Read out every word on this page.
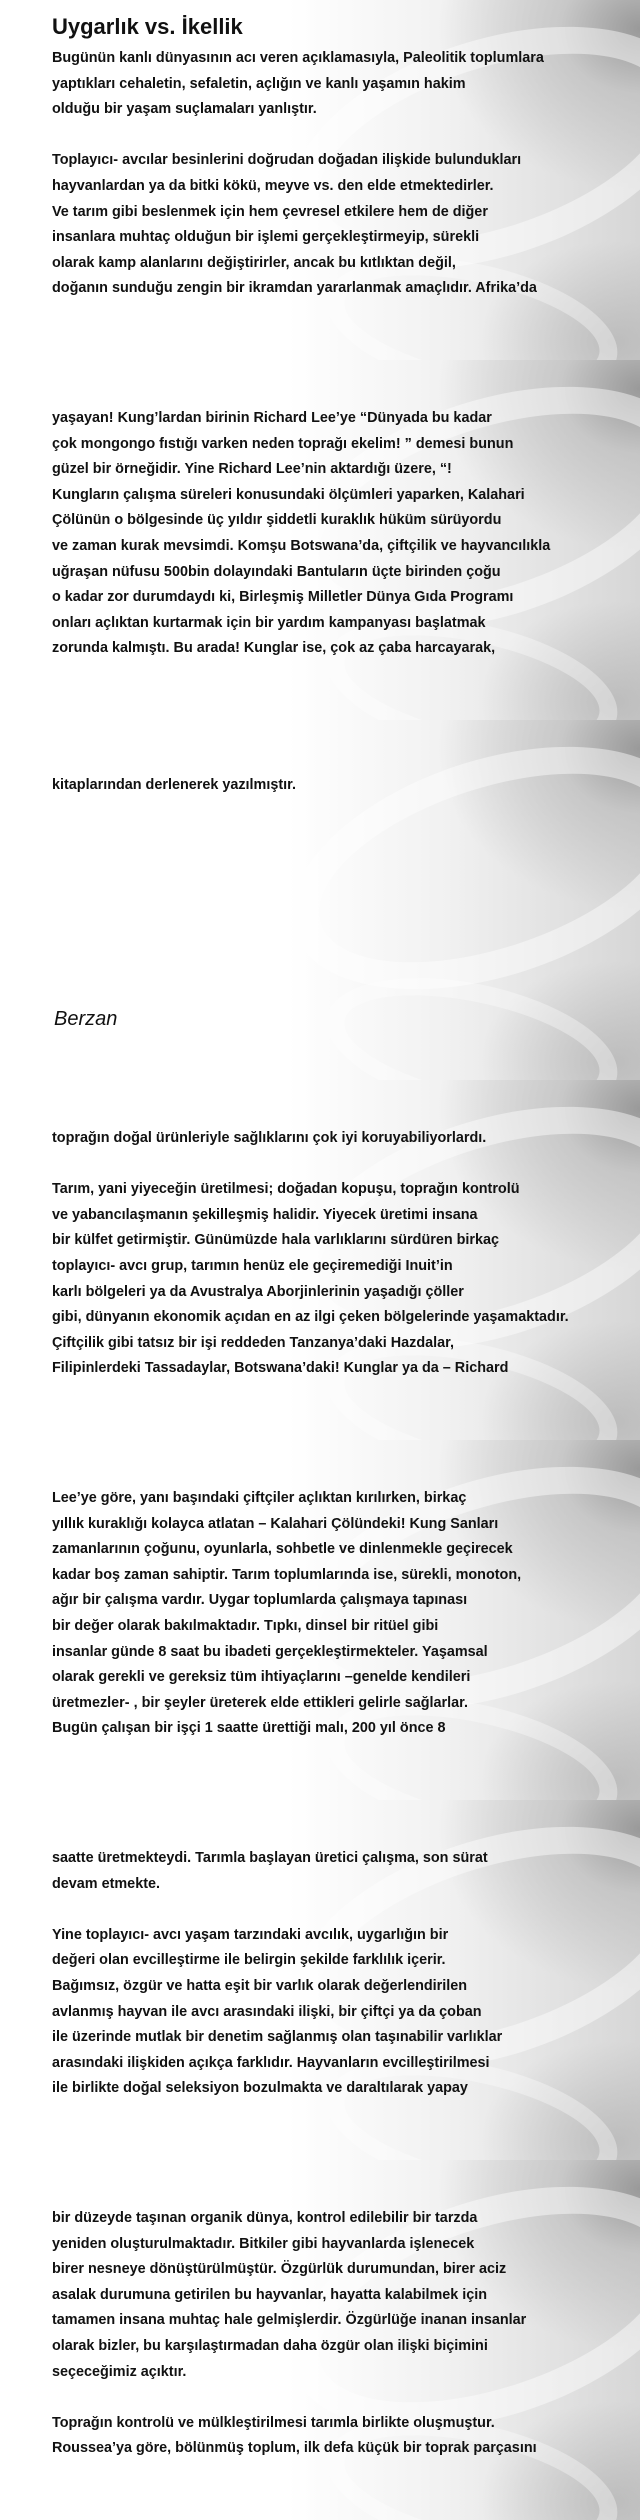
Uygarlık vs. İkellik
Bugünün kanlı dünyasının acı veren açıklamasıyla, Paleolitik toplumlara
yaptıkları cehaletin, sefaletin, açlığın ve kanlı yaşamın hakim
olduğu bir yaşam suçlamaları yanlıştır.
Toplayıcı- avcılar besinlerini doğrudan doğadan ilişkide bulundukları
hayvanlardan ya da bitki kökü, meyve vs. den elde etmektedirler.
Ve tarım gibi beslenmek için hem çevresel etkilere hem de diğer
insanlara muhtaç olduğun bir işlemi gerçekleştirmeyip, sürekli
olarak kamp alanlarını değiştirirler, ancak bu kıtlıktan değil,
doğanın sunduğu zengin bir ikramdan yararlanmak amaçlıdır. Afrika’da
yaşayan! Kung’lardan birinin Richard Lee’ye “Dünyada bu kadar
çok mongongo fıstığı varken neden toprağı ekelim! ” demesi bunun
güzel bir örneğidir. Yine Richard Lee’nin aktardığı üzere, “!
Kungların çalışma süreleri konusundaki ölçümleri yaparken, Kalahari
Çölünün o bölgesinde üç yıldır şiddetli kuraklık hüküm sürüyordu
ve zaman kurak mevsimdi. Komşu Botswana’da, çiftçilik ve hayvancılıkla
uğraşan nüfusu 500bin dolayındaki Bantuların üçte birinden çoğu
o kadar zor durumdaydı ki, Birleşmiş Milletler Dünya Gıda Programı
onları açlıktan kurtarmak için bir yardım kampanyası başlatmak
zorunda kalmıştı. Bu arada! Kunglar ise, çok az çaba harcayarak,
kitaplarından derlenerek yazılmıştır.
Berzan
toprağın doğal ürünleriyle sağlıklarını çok iyi koruyabiliyorlardı.
Tarım, yani yiyeceğin üretilmesi; doğadan kopuşu, toprağın kontrolü
ve yabancılaşmanın şekilleşmiş halidir. Yiyecek üretimi insana
bir külfet getirmiştir. Günümüzde hala varlıklarını sürdüren birkaç
toplayıcı- avcı grup, tarımın henüz ele geçiremediği Inuit’in
karlı bölgeleri ya da Avustralya Aborjinlerinin yaşadığı çöller
gibi, dünyanın ekonomik açıdan en az ilgi çeken bölgelerinde yaşamaktadır.
Çiftçilik gibi tatsız bir işi reddeden Tanzanya’daki Hazdalar,
Filipinlerdeki Tassadaylar, Botswana’daki! Kunglar ya da – Richard
Lee’ye göre, yanı başındaki çiftçiler açlıktan kırılırken, birkaç
yıllık kuraklığı kolayca atlatan – Kalahari Çölündeki! Kung Sanları
zamanlarının çoğunu, oyunlarla, sohbetle ve dinlenmekle geçirecek
kadar boş zaman sahiptir. Tarım toplumlarında ise, sürekli, monoton,
ağır bir çalışma vardır. Uygar toplumlarda çalışmaya tapınası
bir değer olarak bakılmaktadır. Tıpkı, dinsel bir ritüel gibi
insanlar günde 8 saat bu ibadeti gerçekleştirmekteler. Yaşamsal
olarak gerekli ve gereksiz tüm ihtiyaçlarını –genelde kendileri
üretmezler- , bir şeyler üreterek elde ettikleri gelirle sağlarlar.
Bugün çalışan bir işçi 1 saatte ürettiği malı, 200 yıl önce 8
saatte üretmekteydi. Tarımla başlayan üretici çalışma, son sürat
devam etmekte.
Yine toplayıcı- avcı yaşam tarzındaki avcılık, uygarlığın bir
değeri olan evcilleştirme ile belirgin şekilde farklılık içerir.
Bağımsız, özgür ve hatta eşit bir varlık olarak değerlendirilen
avlanmış hayvan ile avcı arasındaki ilişki, bir çiftçi ya da çoban
ile üzerinde mutlak bir denetim sağlanmış olan taşınabilir varlıklar
arasındaki ilişkiden açıkça farklıdır. Hayvanların evcilleştirilmesi
ile birlikte doğal seleksiyon bozulmakta ve daraltılarak yapay
bir düzeyde taşınan organik dünya, kontrol edilebilir bir tarzda
yeniden oluşturulmaktadır. Bitkiler gibi hayvanlarda işlenecek
birer nesneye dönüştürülmüştür. Özgürlük durumundan, birer aciz
asalak durumuna getirilen bu hayvanlar, hayatta kalabilmek için
tamamen insana muhtaç hale gelmişlerdir. Özgürlüğe inanan insanlar
olarak bizler, bu karşılaştırmadan daha özgür olan ilişki biçimini
seçeceğimiz açıktır.
Toprağın kontrolü ve mülkleştirilmesi tarımla birlikte oluşmuştur.
Roussea’ya göre, bölünmüş toplum, ilk defa küçük bir toprak parçasını
